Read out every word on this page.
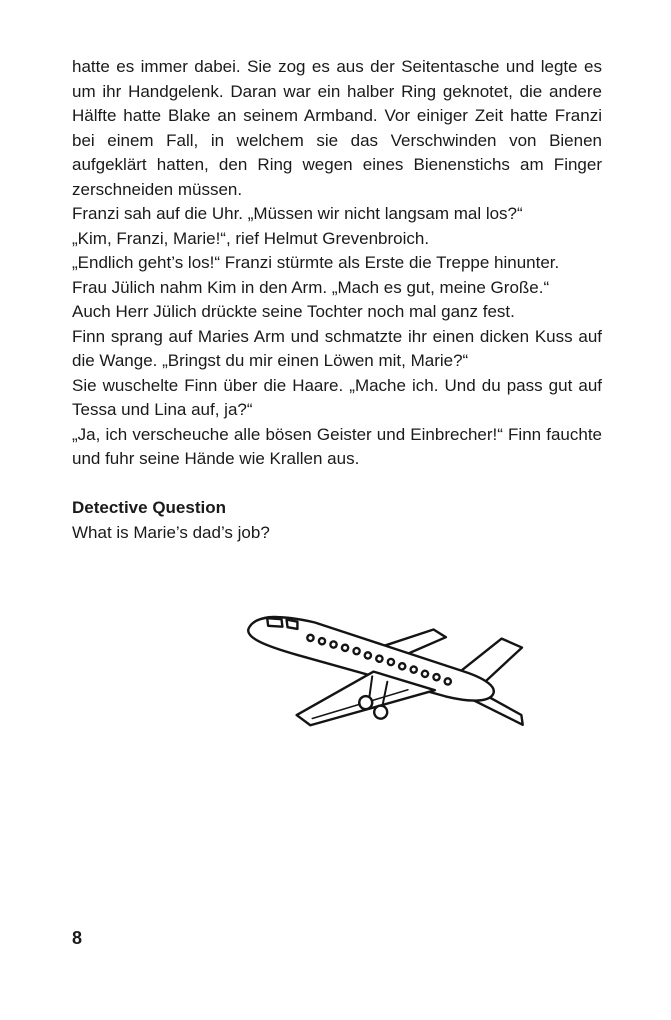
hatte es immer dabei. Sie zog es aus der Seitentasche und legte es um ihr Handgelenk. Daran war ein halber Ring geknotet, die andere Hälfte hatte Blake an seinem Armband. Vor einiger Zeit hatte Franzi bei einem Fall, in welchem sie das Verschwinden von Bienen aufgeklärt hatten, den Ring wegen eines Bienenstichs am Finger zerschneiden müssen.

Franzi sah auf die Uhr. „Müssen wir nicht langsam mal los?“

„Kim, Franzi, Marie!“, rief Helmut Grevenbroich.

„Endlich geht’s los!“ Franzi stürmte als Erste die Treppe hinunter.

Frau Jülich nahm Kim in den Arm. „Mach es gut, meine Große.“

Auch Herr Jülich drückte seine Tochter noch mal ganz fest.

Finn sprang auf Maries Arm und schmatzte ihr einen dicken Kuss auf die Wange. „Bringst du mir einen Löwen mit, Marie?“

Sie wuschelte Finn über die Haare. „Mache ich. Und du pass gut auf Tessa und Lina auf, ja?“

„Ja, ich verscheuche alle bösen Geister und Einbrecher!“ Finn fauchte und fuhr seine Hände wie Krallen aus.

Detective Question

What is Marie’s dad’s job?

8
